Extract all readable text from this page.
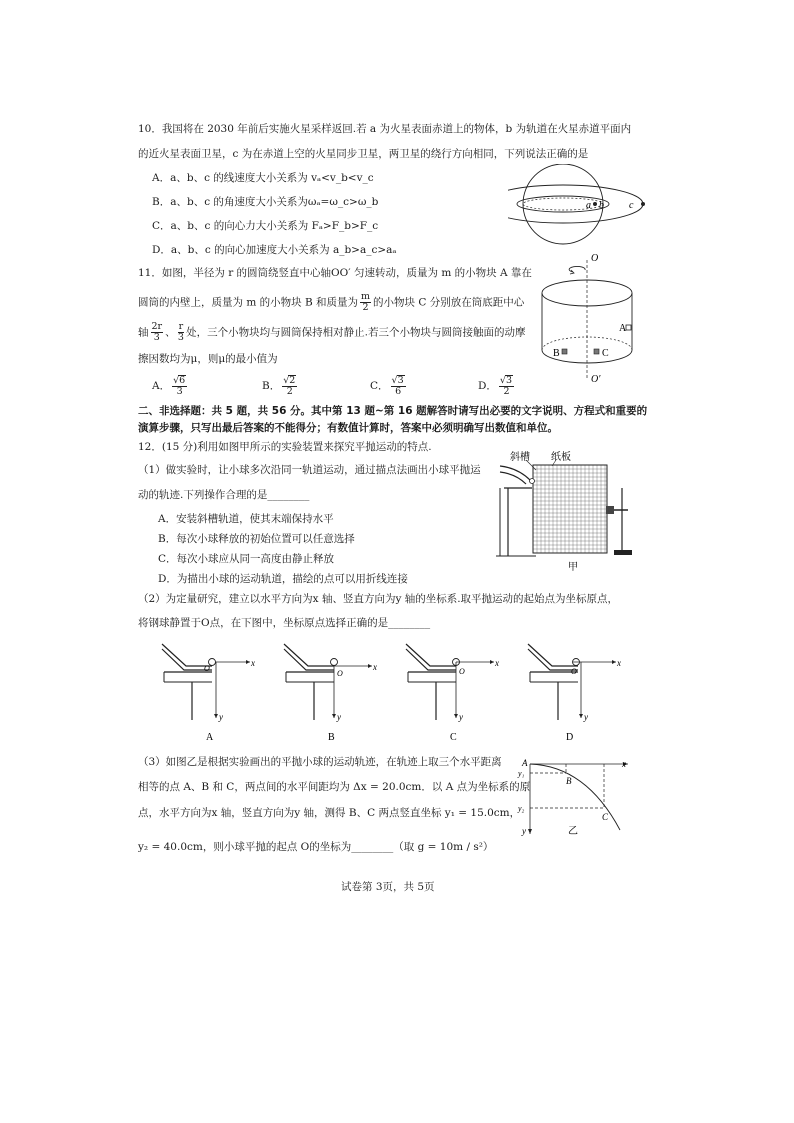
10．我国将在 2030 年前后实施火星采样返回.若 a 为火星表面赤道上的物体，b 为轨道在火星赤道平面内
的近火星表面卫星，c 为在赤道上空的火星同步卫星，两卫星的绕行方向相同，下列说法正确的是
A．a、b、c 的线速度大小关系为 vₐ<v_b<v_c
B．a、b、c 的角速度大小关系为ωₐ=ω_c>ω_b
C．a、b、c 的向心力大小关系为 Fₐ>F_b>F_c
D．a、b、c 的向心加速度大小关系为 a_b>a_c>aₐ
a b	c
11．如图，半径为 r 的圆筒绕竖直中心轴OO′ 匀速转动，质量为 m 的小物块 A 靠在
圆筒的内壁上，质量为 m 的小物块 B 和质量为 $\frac{m}{2}$ 的小物块 C 分别放在筒底距中心
轴 $\frac{2r}{3}$ 、 $\frac{r}{3}$ 处，三个小物块均与圆筒保持相对静止.若三个小物块与圆筒接触面的动摩
擦因数均为μ，则μ的最小值为
A． $\frac{√6}{3}$	B． $\frac{√2}{2}$	C． $\frac{√3}{6}$	D． $\frac{√3}{2}$
O
O′
A
B	C
二、非选择题：共 5 题，共 56 分。其中第 13 题~第 16 题解答时请写出必要的文字说明、方程式和重要的
演算步骤，只写出最后答案的不能得分；有数值计算时，答案中必须明确写出数值和单位。
12．(15 分)利用如图甲所示的实验装置来探究平抛运动的特点.
（1）做实验时，让小球多次沿同一轨道运动，通过描点法画出小球平抛运
动的轨迹.下列操作合理的是________
A．安装斜槽轨道，使其末端保持水平
B．每次小球释放的初始位置可以任意选择
C．每次小球应从同一高度由静止释放
D．为描出小球的运动轨道，描绘的点可以用折线连接
斜槽 纸板
甲
（2）为定量研究，建立以水平方向为x 轴、竖直方向为y 轴的坐标系.取平抛运动的起始点为坐标原点，
将钢球静置于O点，在下图中，坐标原点选择正确的是________
x
y
O
A
x
y
O
B
x
y
O
C
x
y
O
D
（3）如图乙是根据实验画出的平抛小球的运动轨迹，在轨迹上取三个水平距离
相等的点 A、B 和 C，两点间的水平间距均为 Δx = 20.0cm．以 A 点为坐标系的原
点，水平方向为x 轴，竖直方向为y 轴，测得 B、C 两点竖直坐标 y₁ = 15.0cm，
y₂ = 40.0cm，则小球平抛的起点 O的坐标为________（取 g = 10m / s²）
A
B
C
x
y
y₁
y₂
乙
试卷第 3页，共 5页
